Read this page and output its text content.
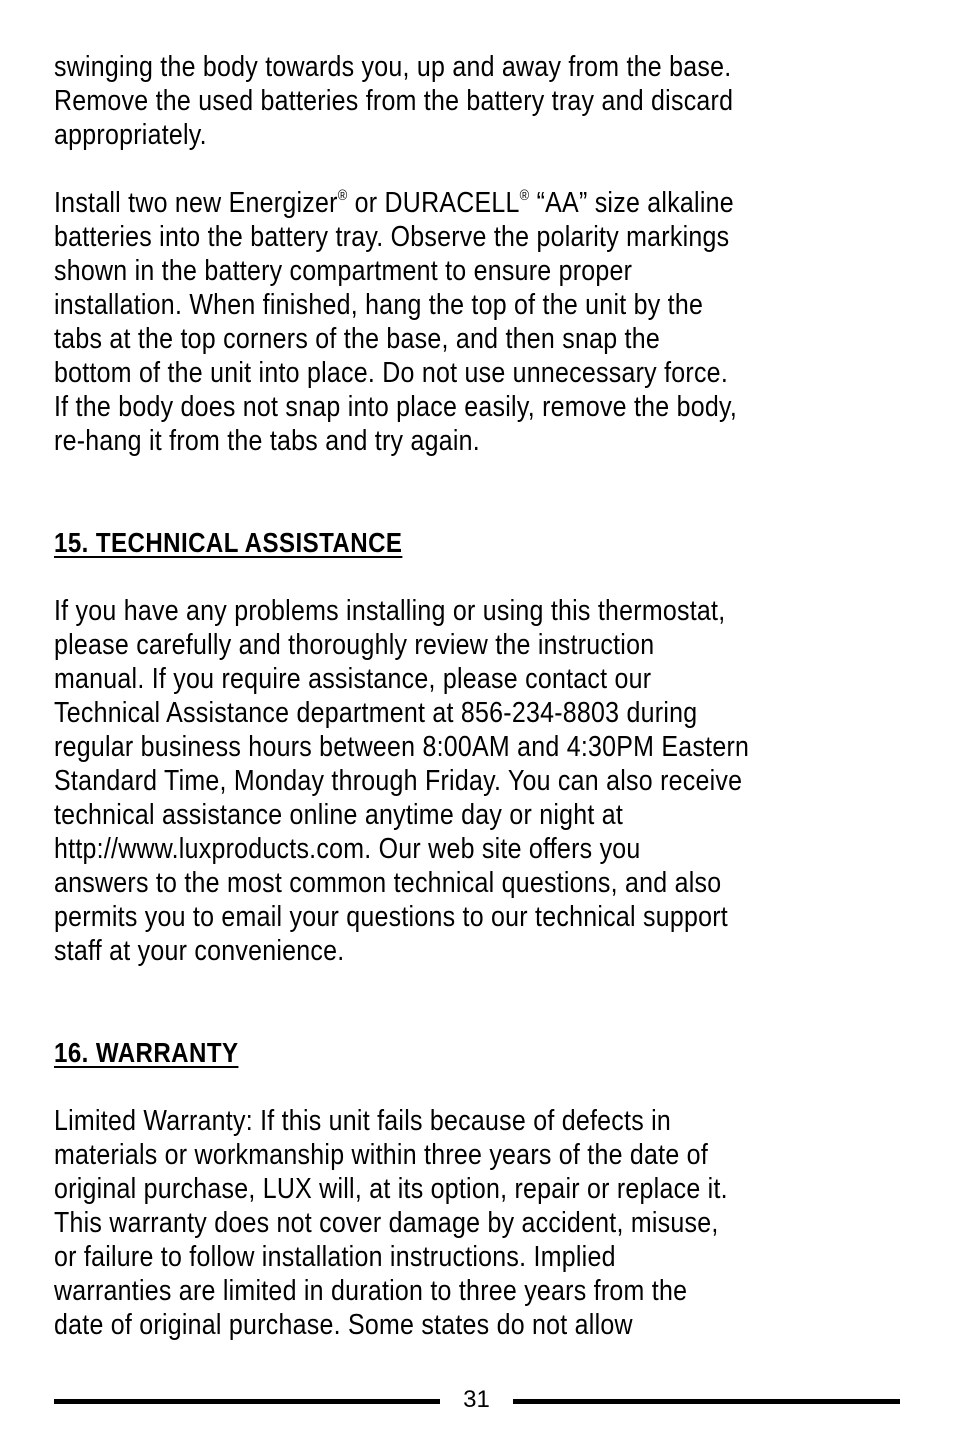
swinging the body towards you, up and away from the base.
Remove the used batteries from the battery tray and discard
appropriately.

Install two new Energizer® or DURACELL® “AA” size alkaline
batteries into the battery tray. Observe the polarity markings
shown in the battery compartment to ensure proper
installation. When finished, hang the top of the unit by the
tabs at the top corners of the base, and then snap the
bottom of the unit into place. Do not use unnecessary force.
If the body does not snap into place easily, remove the body,
re-hang it from the tabs and try again.

15. TECHNICAL ASSISTANCE

If you have any problems installing or using this thermostat,
please carefully and thoroughly review the instruction
manual. If you require assistance, please contact our
Technical Assistance department at 856-234-8803 during
regular business hours between 8:00AM and 4:30PM Eastern
Standard Time, Monday through Friday. You can also receive
technical assistance online anytime day or night at
http://www.luxproducts.com. Our web site offers you
answers to the most common technical questions, and also
permits you to email your questions to our technical support
staff at your convenience.

16. WARRANTY

Limited Warranty: If this unit fails because of defects in
materials or workmanship within three years of the date of
original purchase, LUX will, at its option, repair or replace it.
This warranty does not cover damage by accident, misuse,
or failure to follow installation instructions. Implied
warranties are limited in duration to three years from the
date of original purchase. Some states do not allow

31
